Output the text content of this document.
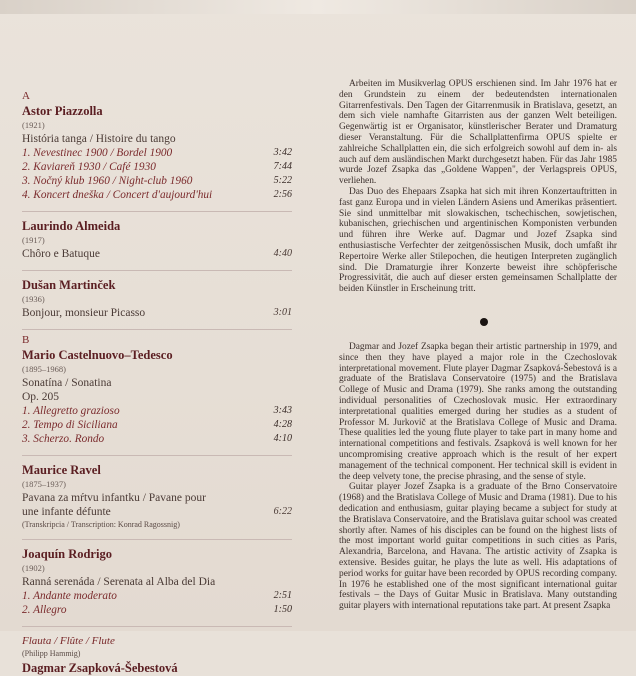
A
Astor Piazzolla
(1921)
História tanga / Histoire du tango
1. Nevestinec 1900 / Bordel 1900	3:42
2. Kaviareň 1930 / Café 1930	7:44
3. Nočný klub 1960 / Night-club 1960	5:22
4. Koncert dneška / Concert d'aujourd'hui	2:56
Laurindo Almeida
(1917)
Chôro e Batuque	4:40
Dušan Martinček
(1936)
Bonjour, monsieur Picasso	3:01
B
Mario Castelnuovo–Tedesco
(1895–1968)
Sonatína / Sonatina
Op. 205
1. Allegretto grazioso	3:43
2. Tempo di Siciliana	4:28
3. Scherzo. Rondo	4:10
Maurice Ravel
(1875–1937)
Pavana za mŕtvu infantku / Pavane pour
une infante défunte	6:22
(Transkripcia / Transcription: Konrad Ragossnig)
Joaquín Rodrigo
(1902)
Ranná serenáda / Serenata al Alba del Dia
1. Andante moderato	2:51
2. Allegro	1:50
Flauta / Flûte / Flute
(Philipp Hammig)
Dagmar Zsapková-Šebestová

Arbeiten im Musikverlag OPUS erschienen sind. Im Jahr 1976 hat er den Grundstein zu einem der bedeutendsten internationalen Gitarrenfestivals. Den Tagen der Gitarrenmusik in Bratislava, gesetzt, an dem sich viele namhafte Gitarristen aus der ganzen Welt beteiligen. Gegenwärtig ist er Organisator, künstlerischer Berater und Dramaturg dieser Veranstaltung. Für die Schallplattenfirma OPUS spielte er zahlreiche Schallplatten ein, die sich erfolgreich sowohl auf dem in- als auch auf dem ausländischen Markt durchgesetzt haben. Für das Jahr 1985 wurde Jozef Zsapka das „Goldene Wappen", der Verlagspreis OPUS, verliehen.

Das Duo des Ehepaars Zsapka hat sich mit ihren Konzertauftritten in fast ganz Europa und in vielen Ländern Asiens und Amerikas präsentiert. Sie sind unmittelbar mit slowakischen, tschechischen, sowjetischen, kubanischen, griechischen und argentinischen Komponisten verbunden und führen ihre Werke auf. Dagmar und Jozef Zsapka sind enthusiastische Verfechter der zeitgenössischen Musik, doch umfaßt ihr Repertoire Werke aller Stilepochen, die heutigen Interpreten zugänglich sind. Die Dramaturgie ihrer Konzerte beweist ihre schöpferische Progressivität, die auch auf dieser ersten gemeinsamen Schallplatte der beiden Künstler in Erscheinung tritt.

Dagmar and Jozef Zsapka began their artistic partnership in 1979, and since then they have played a major role in the Czechoslovak interpretational movement. Flute player Dagmar Zsapková-Šebestová is a graduate of the Bratislava Conservatoire (1975) and the Bratislava College of Music and Drama (1979). She ranks among the outstanding individual personalities of Czechoslovak music. Her extraordinary interpretational qualities emerged during her studies as a student of Professor M. Jurkovič at the Bratislava College of Music and Drama. These qualities led the young flute player to take part in many home and international competitions and festivals. Zsapková is well known for her uncompromising creative approach which is the result of her expert management of the technical component. Her technical skill is evident in the deep velvety tone, the precise phrasing, and the sense of style.

Guitar player Jozef Zsapka is a graduate of the Brno Conservatoire (1968) and the Bratislava College of Music and Drama (1981). Due to his dedication and enthusiasm, guitar playing became a subject for study at the Bratislava Conservatoire, and the Bratislava guitar school was created shortly after. Names of his disciples can be found on the highest lists of the most important world guitar competitions in such cities as Paris, Alexandria, Barcelona, and Havana. The artistic activity of Zsapka is extensive. Besides guitar, he plays the lute as well. His adaptations of period works for guitar have been recorded by OPUS recording company. In 1976 he established one of the most significant international guitar festivals – the Days of Guitar Music in Bratislava. Many outstanding guitar players with international reputations take part. At present Zsapka
